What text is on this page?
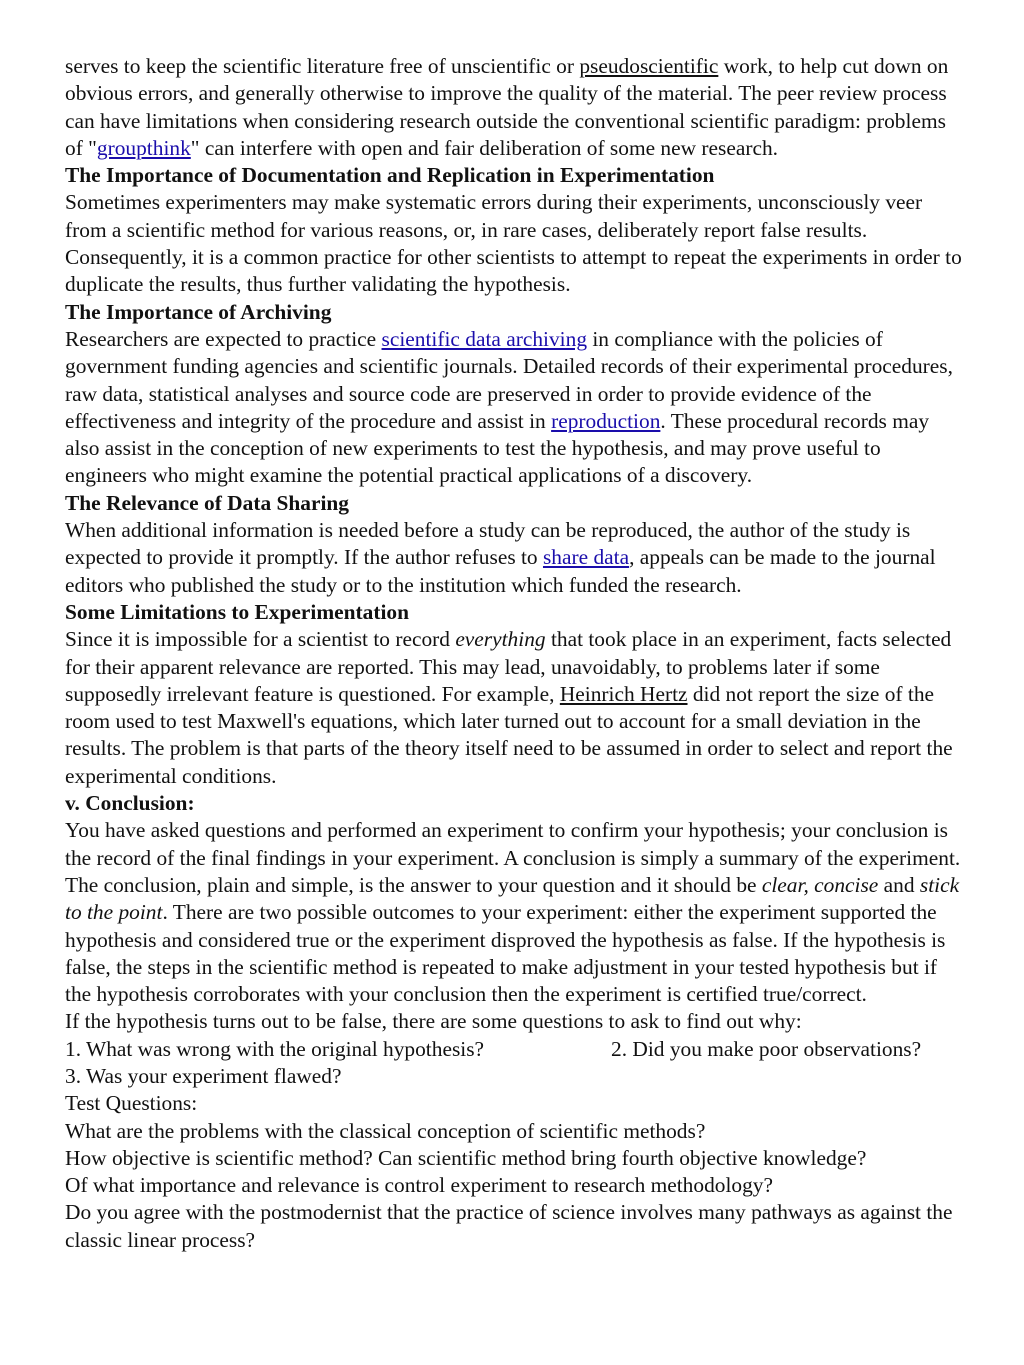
serves to keep the scientific literature free of unscientific or pseudoscientific work, to help cut down on obvious errors, and generally otherwise to improve the quality of the material. The peer review process can have limitations when considering research outside the conventional scientific paradigm: problems of "groupthink" can interfere with open and fair deliberation of some new research.

The Importance of Documentation and Replication in Experimentation

Sometimes experimenters may make systematic errors during their experiments, unconsciously veer from a scientific method for various reasons, or, in rare cases, deliberately report false results. Consequently, it is a common practice for other scientists to attempt to repeat the experiments in order to duplicate the results, thus further validating the hypothesis.

The Importance of Archiving

Researchers are expected to practice scientific data archiving in compliance with the policies of government funding agencies and scientific journals. Detailed records of their experimental procedures, raw data, statistical analyses and source code are preserved in order to provide evidence of the effectiveness and integrity of the procedure and assist in reproduction. These procedural records may also assist in the conception of new experiments to test the hypothesis, and may prove useful to engineers who might examine the potential practical applications of a discovery.

The Relevance of Data Sharing

When additional information is needed before a study can be reproduced, the author of the study is expected to provide it promptly. If the author refuses to share data, appeals can be made to the journal editors who published the study or to the institution which funded the research.

Some Limitations to Experimentation

Since it is impossible for a scientist to record everything that took place in an experiment, facts selected for their apparent relevance are reported. This may lead, unavoidably, to problems later if some supposedly irrelevant feature is questioned. For example, Heinrich Hertz did not report the size of the room used to test Maxwell's equations, which later turned out to account for a small deviation in the results. The problem is that parts of the theory itself need to be assumed in order to select and report the experimental conditions.

v. Conclusion:

You have asked questions and performed an experiment to confirm your hypothesis; your conclusion is the record of the final findings in your experiment. A conclusion is simply a summary of the experiment. The conclusion, plain and simple, is the answer to your question and it should be clear, concise and stick to the point. There are two possible outcomes to your experiment: either the experiment supported the hypothesis and considered true or the experiment disproved the hypothesis as false. If the hypothesis is false, the steps in the scientific method is repeated to make adjustment in your tested hypothesis but if the hypothesis corroborates with your conclusion then the experiment is certified true/correct.

If the hypothesis turns out to be false, there are some questions to ask to find out why:

1. What was wrong with the original hypothesis?	2. Did you make poor observations?

3. Was your experiment flawed?

Test Questions:

What are the problems with the classical conception of scientific methods?

How objective is scientific method? Can scientific method bring fourth objective knowledge?

Of what importance and relevance is control experiment to research methodology?

Do you agree with the postmodernist that the practice of science involves many pathways as against the classic linear process?
